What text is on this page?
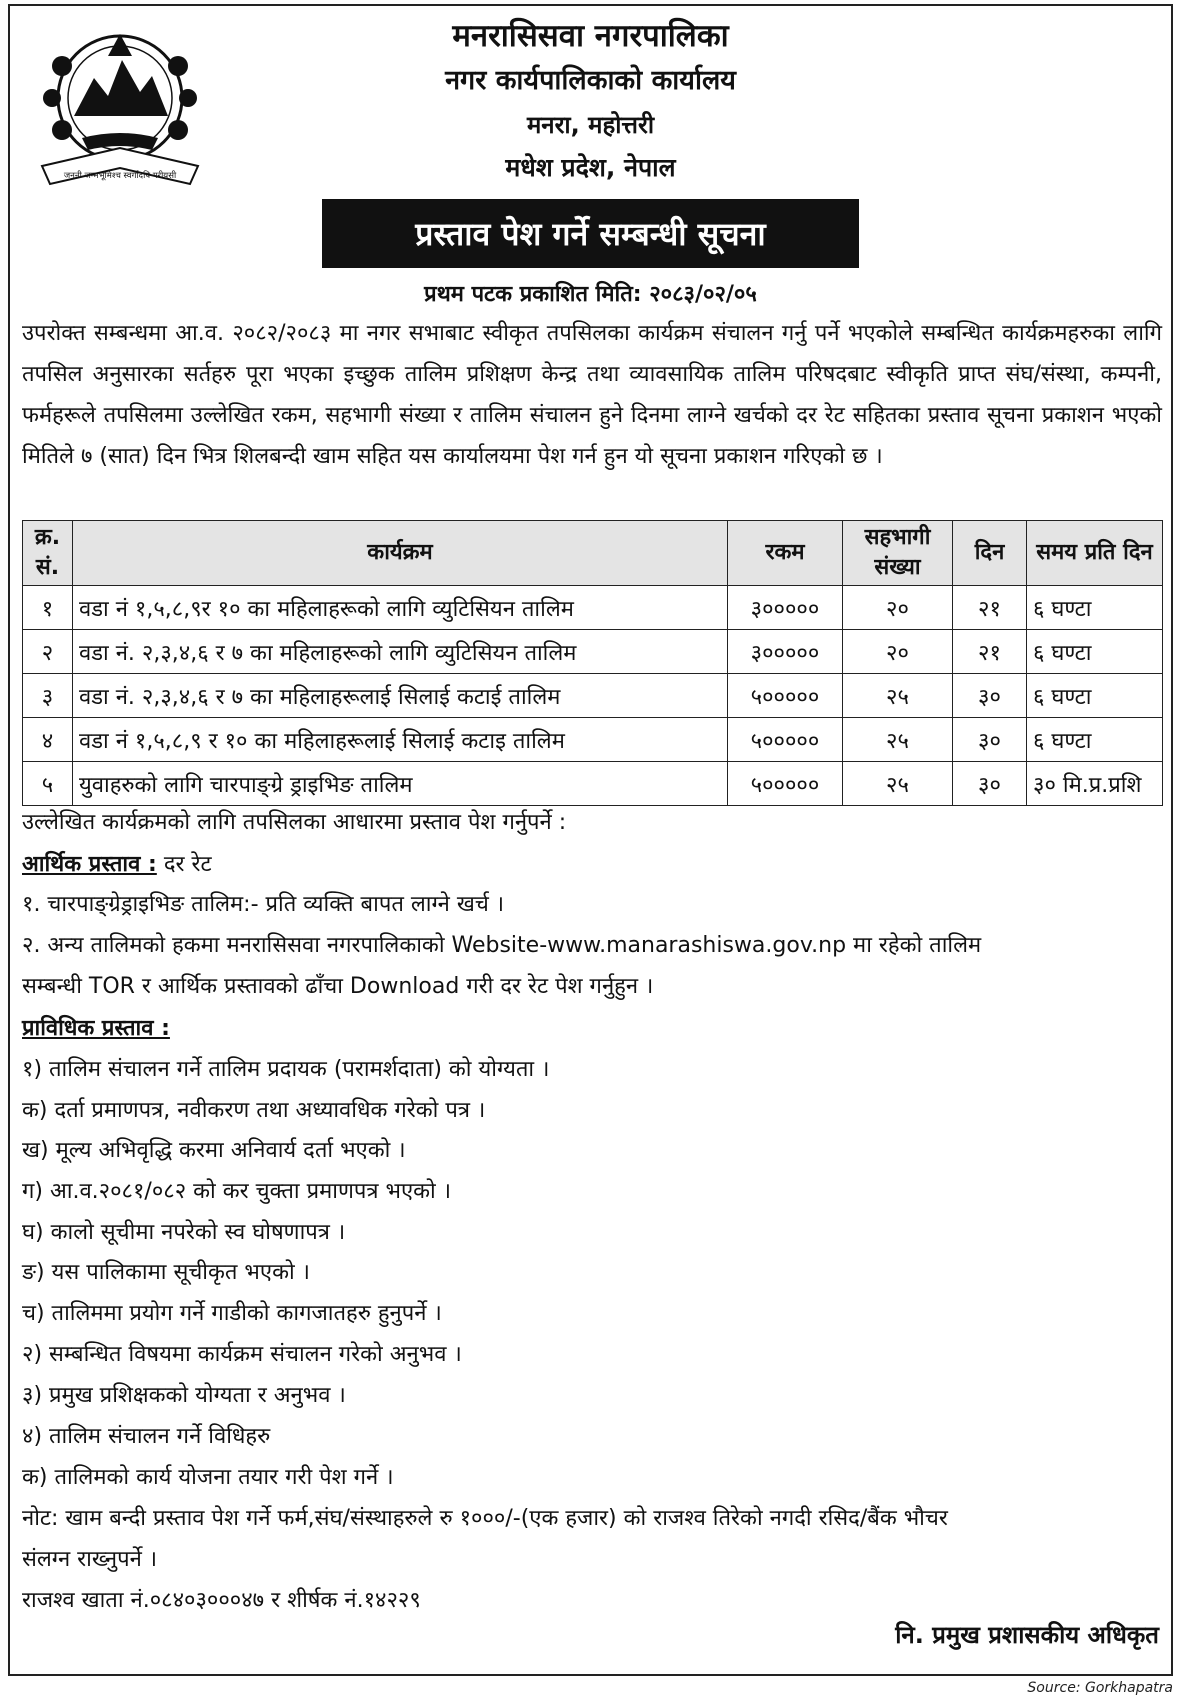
जननी जन्मभूमिश्च स्वर्गादपि गरीयसी
मनरासिसवा नगरपालिका
नगर कार्यपालिकाको कार्यालय
मनरा, महोत्तरी
मधेश प्रदेश, नेपाल
प्रस्ताव पेश गर्ने सम्बन्धी सूचना
प्रथम पटक प्रकाशित मिति: २०८३/०२/०५
उपरोक्त सम्बन्धमा आ.व. २०८२/२०८३ मा नगर सभाबाट स्वीकृत तपसिलका कार्यक्रम संचालन गर्नु पर्ने भएकोले सम्बन्धित कार्यक्रमहरुका लागि तपसिल अनुसारका सर्तहरु पूरा भएका इच्छुक तालिम प्रशिक्षण केन्द्र तथा व्यावसायिक तालिम परिषदबाट स्वीकृति प्राप्त संघ/संस्था, कम्पनी, फर्महरूले तपसिलमा उल्लेखित रकम, सहभागी संख्या र तालिम संचालन हुने दिनमा लाग्ने खर्चको दर रेट सहितका प्रस्ताव सूचना प्रकाशन भएको मितिले ७ (सात) दिन भित्र शिलबन्दी खाम सहित यस कार्यालयमा पेश गर्न हुन यो सूचना प्रकाशन गरिएको छ ।
क्र. सं.	कार्यक्रम	रकम	सहभागी संख्या	दिन	समय प्रति दिन
१	वडा नं १,५,८,९र १० का महिलाहरूको लागि व्युटिसियन तालिम	३०००००	२०	२१	६ घण्टा
२	वडा नं. २,३,४,६ र ७ का महिलाहरूको लागि व्युटिसियन तालिम	३०००००	२०	२१	६ घण्टा
३	वडा नं. २,३,४,६ र ७ का महिलाहरूलाई सिलाई कटाई तालिम	५०००००	२५	३०	६ घण्टा
४	वडा नं १,५,८,९ र १० का महिलाहरूलाई सिलाई कटाइ तालिम	५०००००	२५	३०	६ घण्टा
५	युवाहरुको लागि चारपाङ्ग्रे ड्राइभिङ तालिम	५०००००	२५	३०	३० मि.प्र.प्रशि
उल्लेखित कार्यक्रमको लागि तपसिलका आधारमा प्रस्ताव पेश गर्नुपर्ने :
आर्थिक प्रस्ताव : दर रेट
१. चारपाङ्ग्रेड्राइभिङ तालिम:- प्रति व्यक्ति बापत लाग्ने खर्च ।
२. अन्य तालिमको हकमा मनरासिसवा नगरपालिकाको Website-www.manarashiswa.gov.np मा रहेको तालिम
सम्बन्धी TOR र आर्थिक प्रस्तावको ढाँचा Download गरी दर रेट पेश गर्नुहुन ।
प्राविधिक प्रस्ताव :
१) तालिम संचालन गर्ने तालिम प्रदायक (परामर्शदाता) को योग्यता ।
क) दर्ता प्रमाणपत्र, नवीकरण तथा अध्यावधिक गरेको पत्र ।
ख) मूल्य अभिवृद्धि करमा अनिवार्य दर्ता भएको ।
ग) आ.व.२०८१/०८२ को कर चुक्ता प्रमाणपत्र भएको ।
घ) कालो सूचीमा नपरेको स्व घोषणापत्र ।
ङ) यस पालिकामा सूचीकृत भएको ।
च) तालिममा प्रयोग गर्ने गाडीको कागजातहरु हुनुपर्ने ।
२) सम्बन्धित विषयमा कार्यक्रम संचालन गरेको अनुभव ।
३) प्रमुख प्रशिक्षकको योग्यता र अनुभव ।
४) तालिम संचालन गर्ने विधिहरु
क) तालिमको कार्य योजना तयार गरी पेश गर्ने ।
नोट: खाम बन्दी प्रस्ताव पेश गर्ने फर्म,संघ/संस्थाहरुले रु १०००/-(एक हजार) को राजश्व तिरेको नगदी रसिद/बैंक भौचर
संलग्न राख्नुपर्ने ।
राजश्व खाता नं.०८४०३०००४७ र शीर्षक नं.१४२२९
नि. प्रमुख प्रशासकीय अधिकृत
Source: Gorkhapatra
